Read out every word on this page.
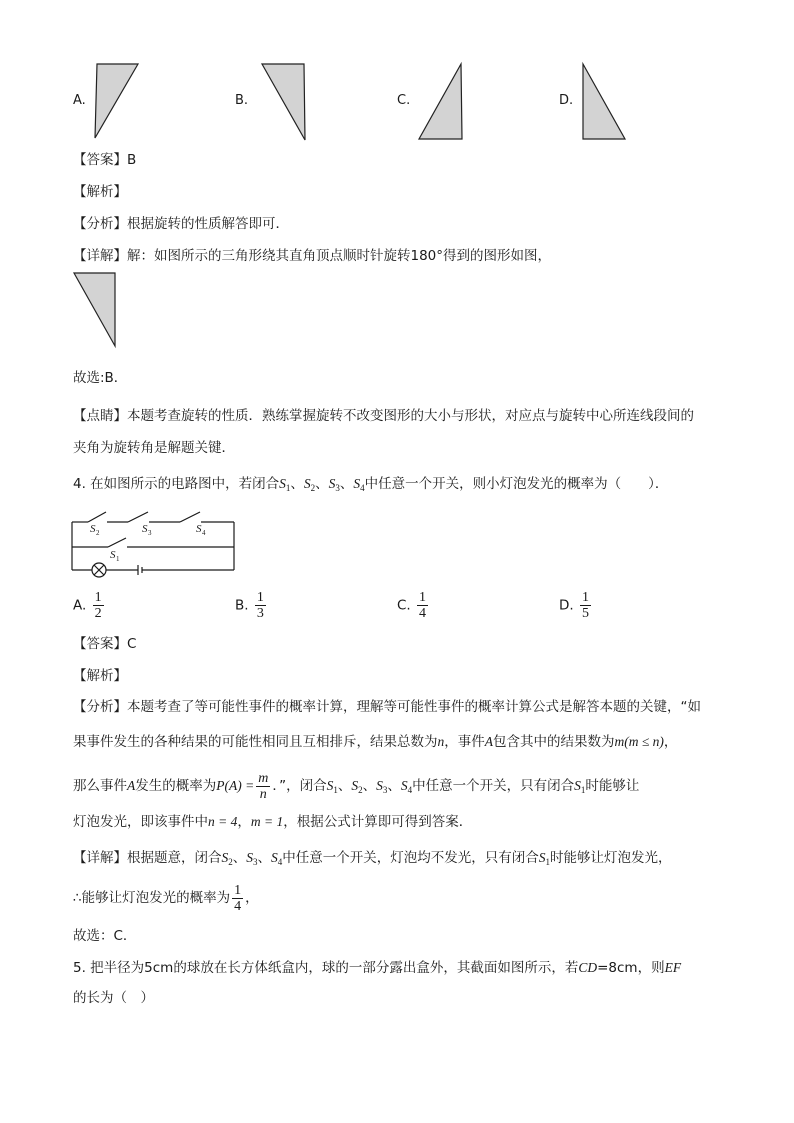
A.	B.	C.	D.
【答案】B
【解析】
【分析】根据旋转的性质解答即可．
【详解】解：如图所示的三角形绕其直角顶点顺时针旋转180°得到的图形如图，
故选:B．
【点睛】本题考查旋转的性质．熟练掌握旋转不改变图形的大小与形状，对应点与旋转中心所连线段间的
夹角为旋转角是解题关键．
4. 在如图所示的电路图中，若闭合$S_1$、$S_2$、$S_3$、$S_4$中任意一个开关，则小灯泡发光的概率为（　　）．
S 2	S 3	S 4
S 1
A. $\frac{1}{2}$	B. $\frac{1}{3}$	C. $\frac{1}{4}$	D. $\frac{1}{5}$
【答案】C
【解析】
【分析】本题考查了等可能性事件的概率计算，理解等可能性事件的概率计算公式是解答本题的关键，“如
果事件发生的各种结果的可能性相同且互相排斥，结果总数为n，事件A包含其中的结果数为m(m ≤ n)，
那么事件A发生的概率为$P(A) = \frac{m}{n}$ ．”，闭合$S_1$、$S_2$、$S_3$、$S_4$中任意一个开关，只有闭合$S_1$时能够让
灯泡发光，即该事件中n = 4，m = 1，根据公式计算即可得到答案．
【详解】根据题意，闭合$S_2$、$S_3$、$S_4$中任意一个开关，灯泡均不发光，只有闭合$S_1$时能够让灯泡发光，
∴能够让灯泡发光的概率为 $\frac{1}{4}$ ，
故选：C．
5. 把半径为5cm的球放在长方体纸盒内，球的一部分露出盒外，其截面如图所示，若CD=8cm，则EF
的长为（　）
